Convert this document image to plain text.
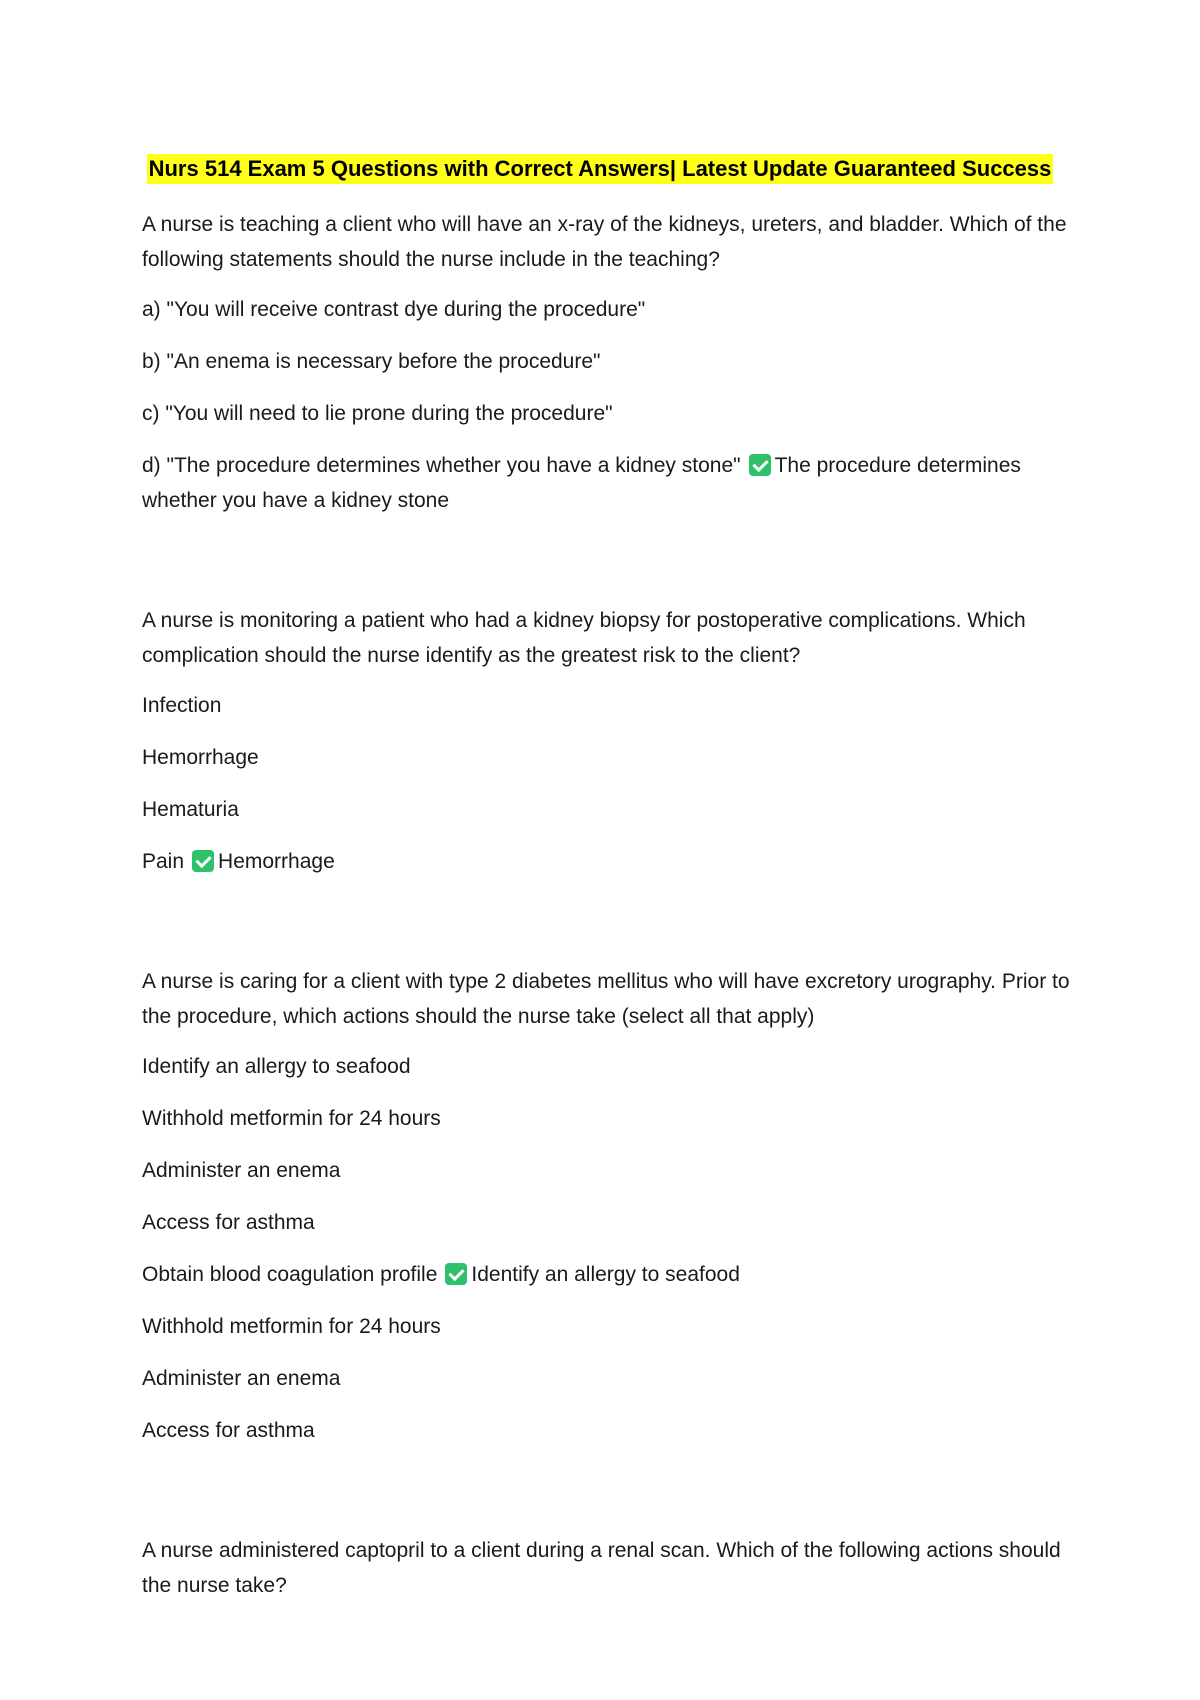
Nurs 514 Exam 5 Questions with Correct Answers| Latest Update Guaranteed Success

A nurse is teaching a client who will have an x-ray of the kidneys, ureters, and bladder. Which of the following statements should the nurse include in the teaching?

a) "You will receive contrast dye during the procedure"

b) "An enema is necessary before the procedure"

c) "You will need to lie prone during the procedure"

d) "The procedure determines whether you have a kidney stone" The procedure determines whether you have a kidney stone

A nurse is monitoring a patient who had a kidney biopsy for postoperative complications. Which complication should the nurse identify as the greatest risk to the client?

Infection

Hemorrhage

Hematuria

Pain Hemorrhage

A nurse is caring for a client with type 2 diabetes mellitus who will have excretory urography. Prior to the procedure, which actions should the nurse take (select all that apply)

Identify an allergy to seafood

Withhold metformin for 24 hours

Administer an enema

Access for asthma

Obtain blood coagulation profile Identify an allergy to seafood

Withhold metformin for 24 hours

Administer an enema

Access for asthma

A nurse administered captopril to a client during a renal scan. Which of the following actions should the nurse take?
